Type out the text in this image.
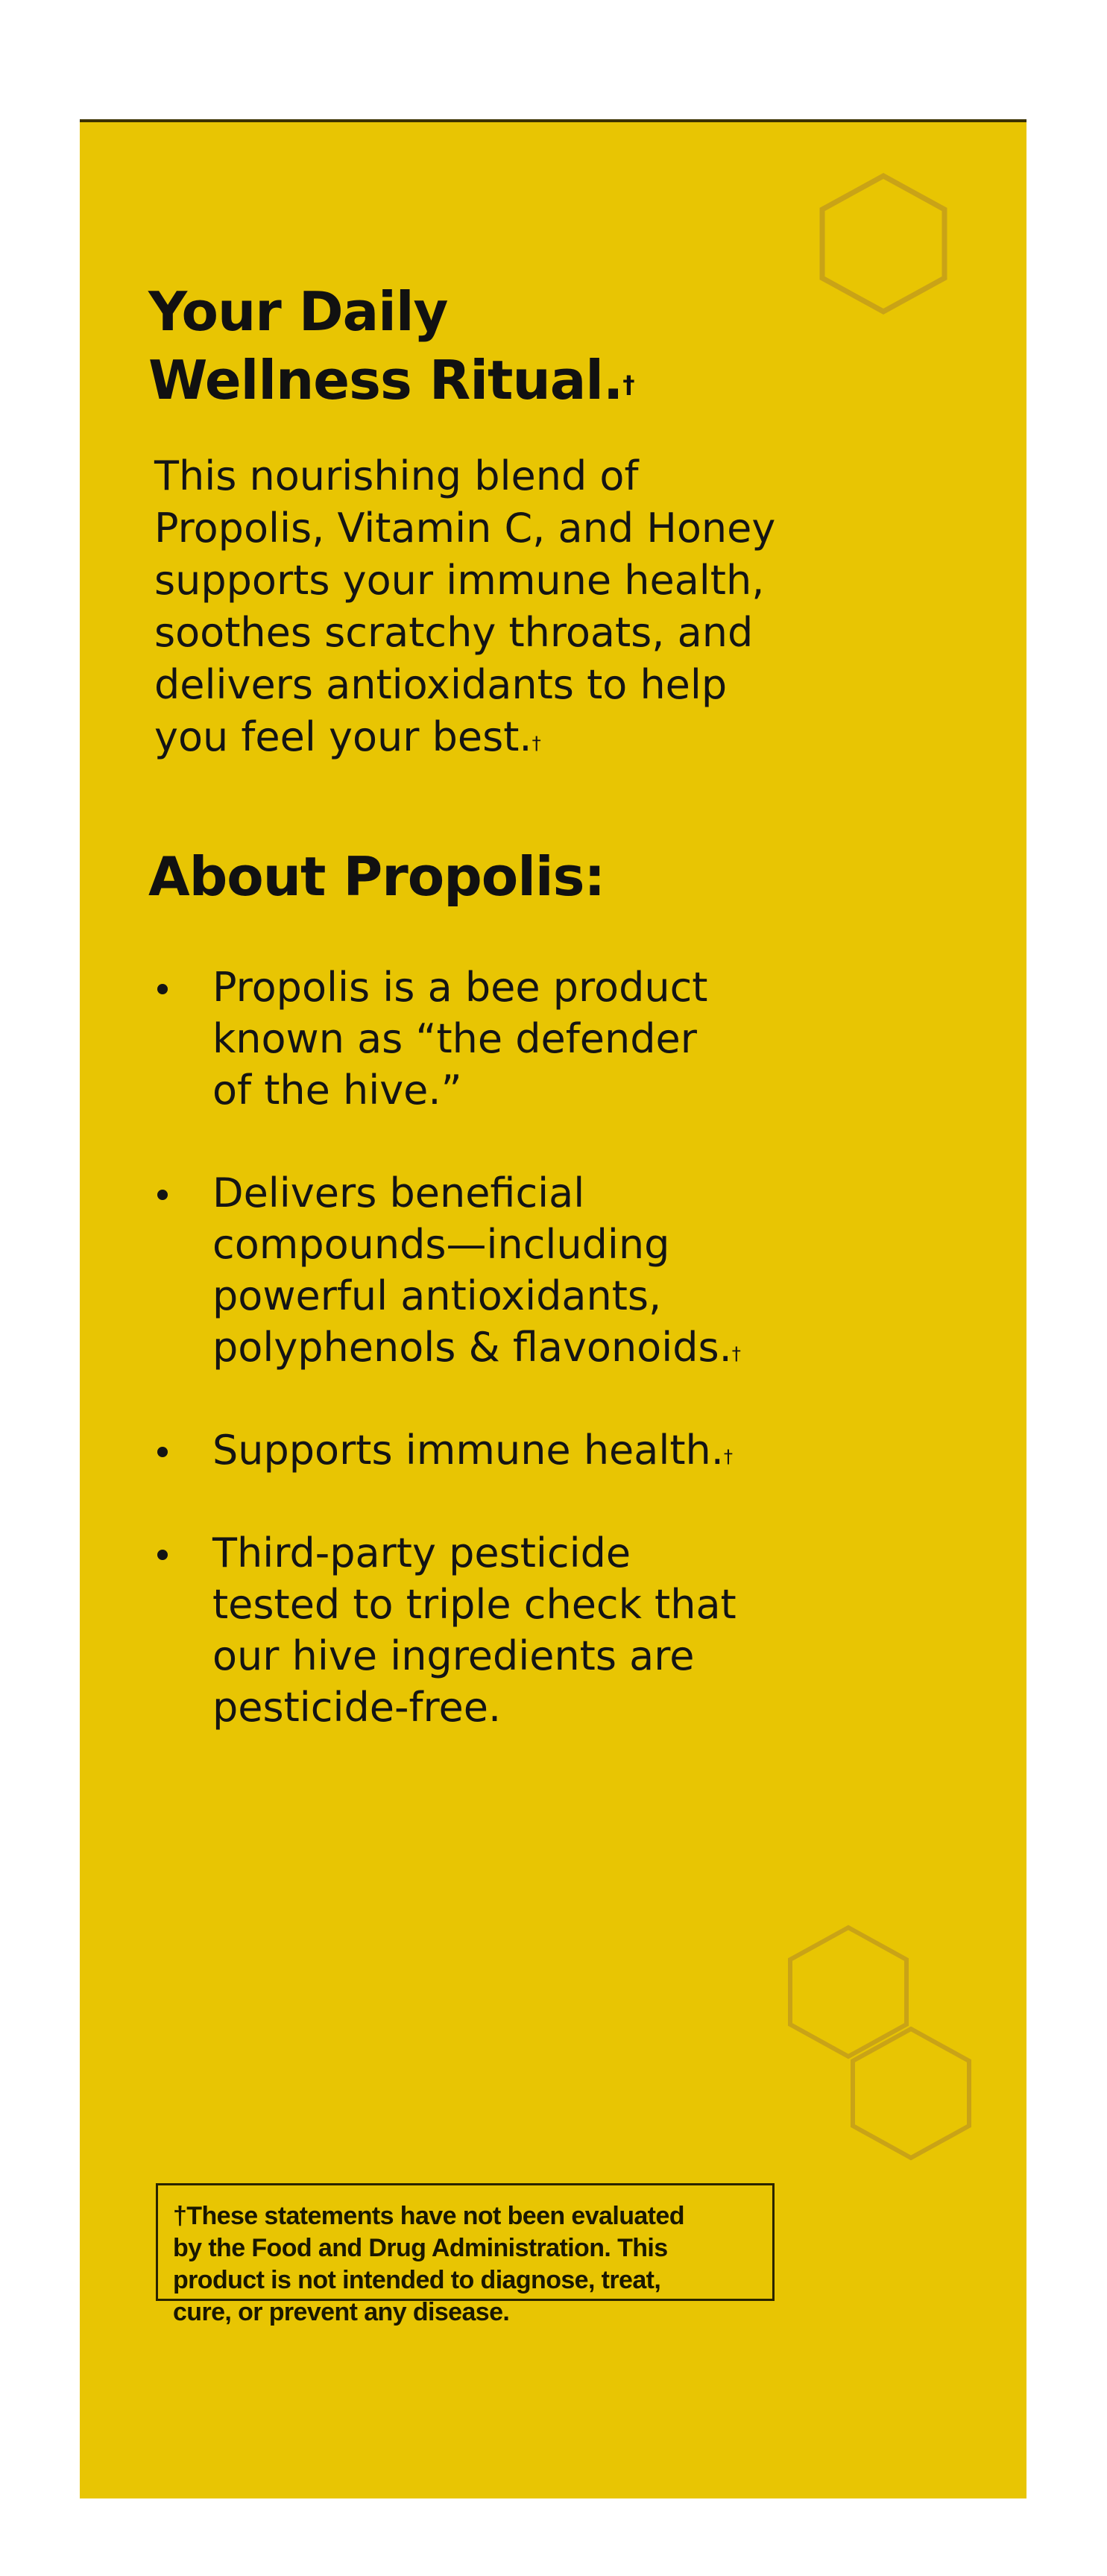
Your Daily
Wellness Ritual.†

This nourishing blend of
Propolis, Vitamin C, and Honey
supports your immune health,
soothes scratchy throats, and
delivers antioxidants to help
you feel your best.†

About Propolis:
Propolis is a bee product
known as “the defender
of the hive.”
Delivers beneficial
compounds—including
powerful antioxidants,
polyphenols & flavonoids.†
Supports immune health.†
Third-party pesticide
tested to triple check that
our hive ingredients are
pesticide-free.
†These statements have not been evaluated
by the Food and Drug Administration. This
product is not intended to diagnose, treat,
cure, or prevent any disease.
